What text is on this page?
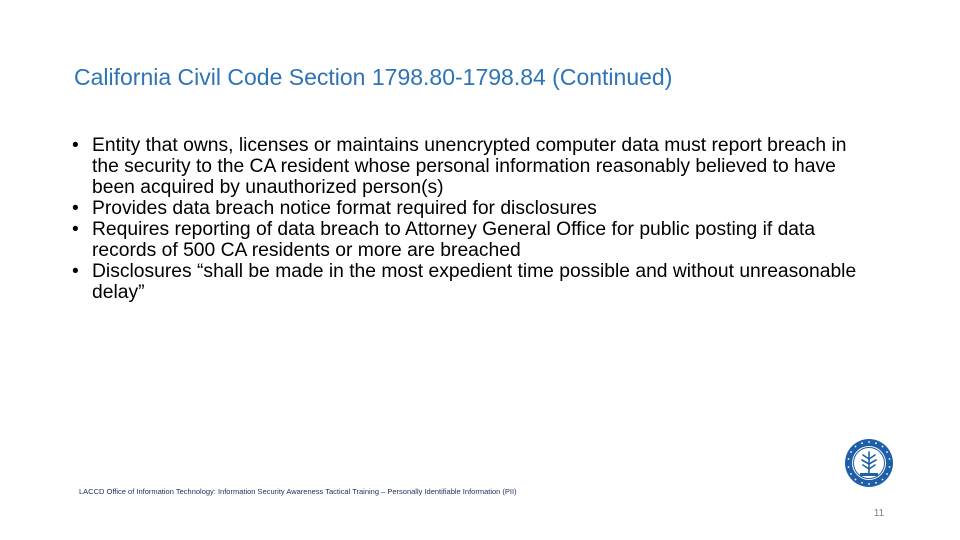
California Civil Code Section 1798.80-1798.84 (Continued)
• Entity that owns, licenses or maintains unencrypted computer data must report breach in the security to the CA resident whose personal information reasonably believed to have been acquired by unauthorized person(s)
• Provides data breach notice format required for disclosures
• Requires reporting of data breach to Attorney General Office for public posting if data records of 500 CA residents or more are breached
• Disclosures “shall be made in the most expedient time possible and without unreasonable delay”
LACCD Office of Information Technology: Information Security Awareness Tactical Training – Personally Identifiable Information (PII)
11
